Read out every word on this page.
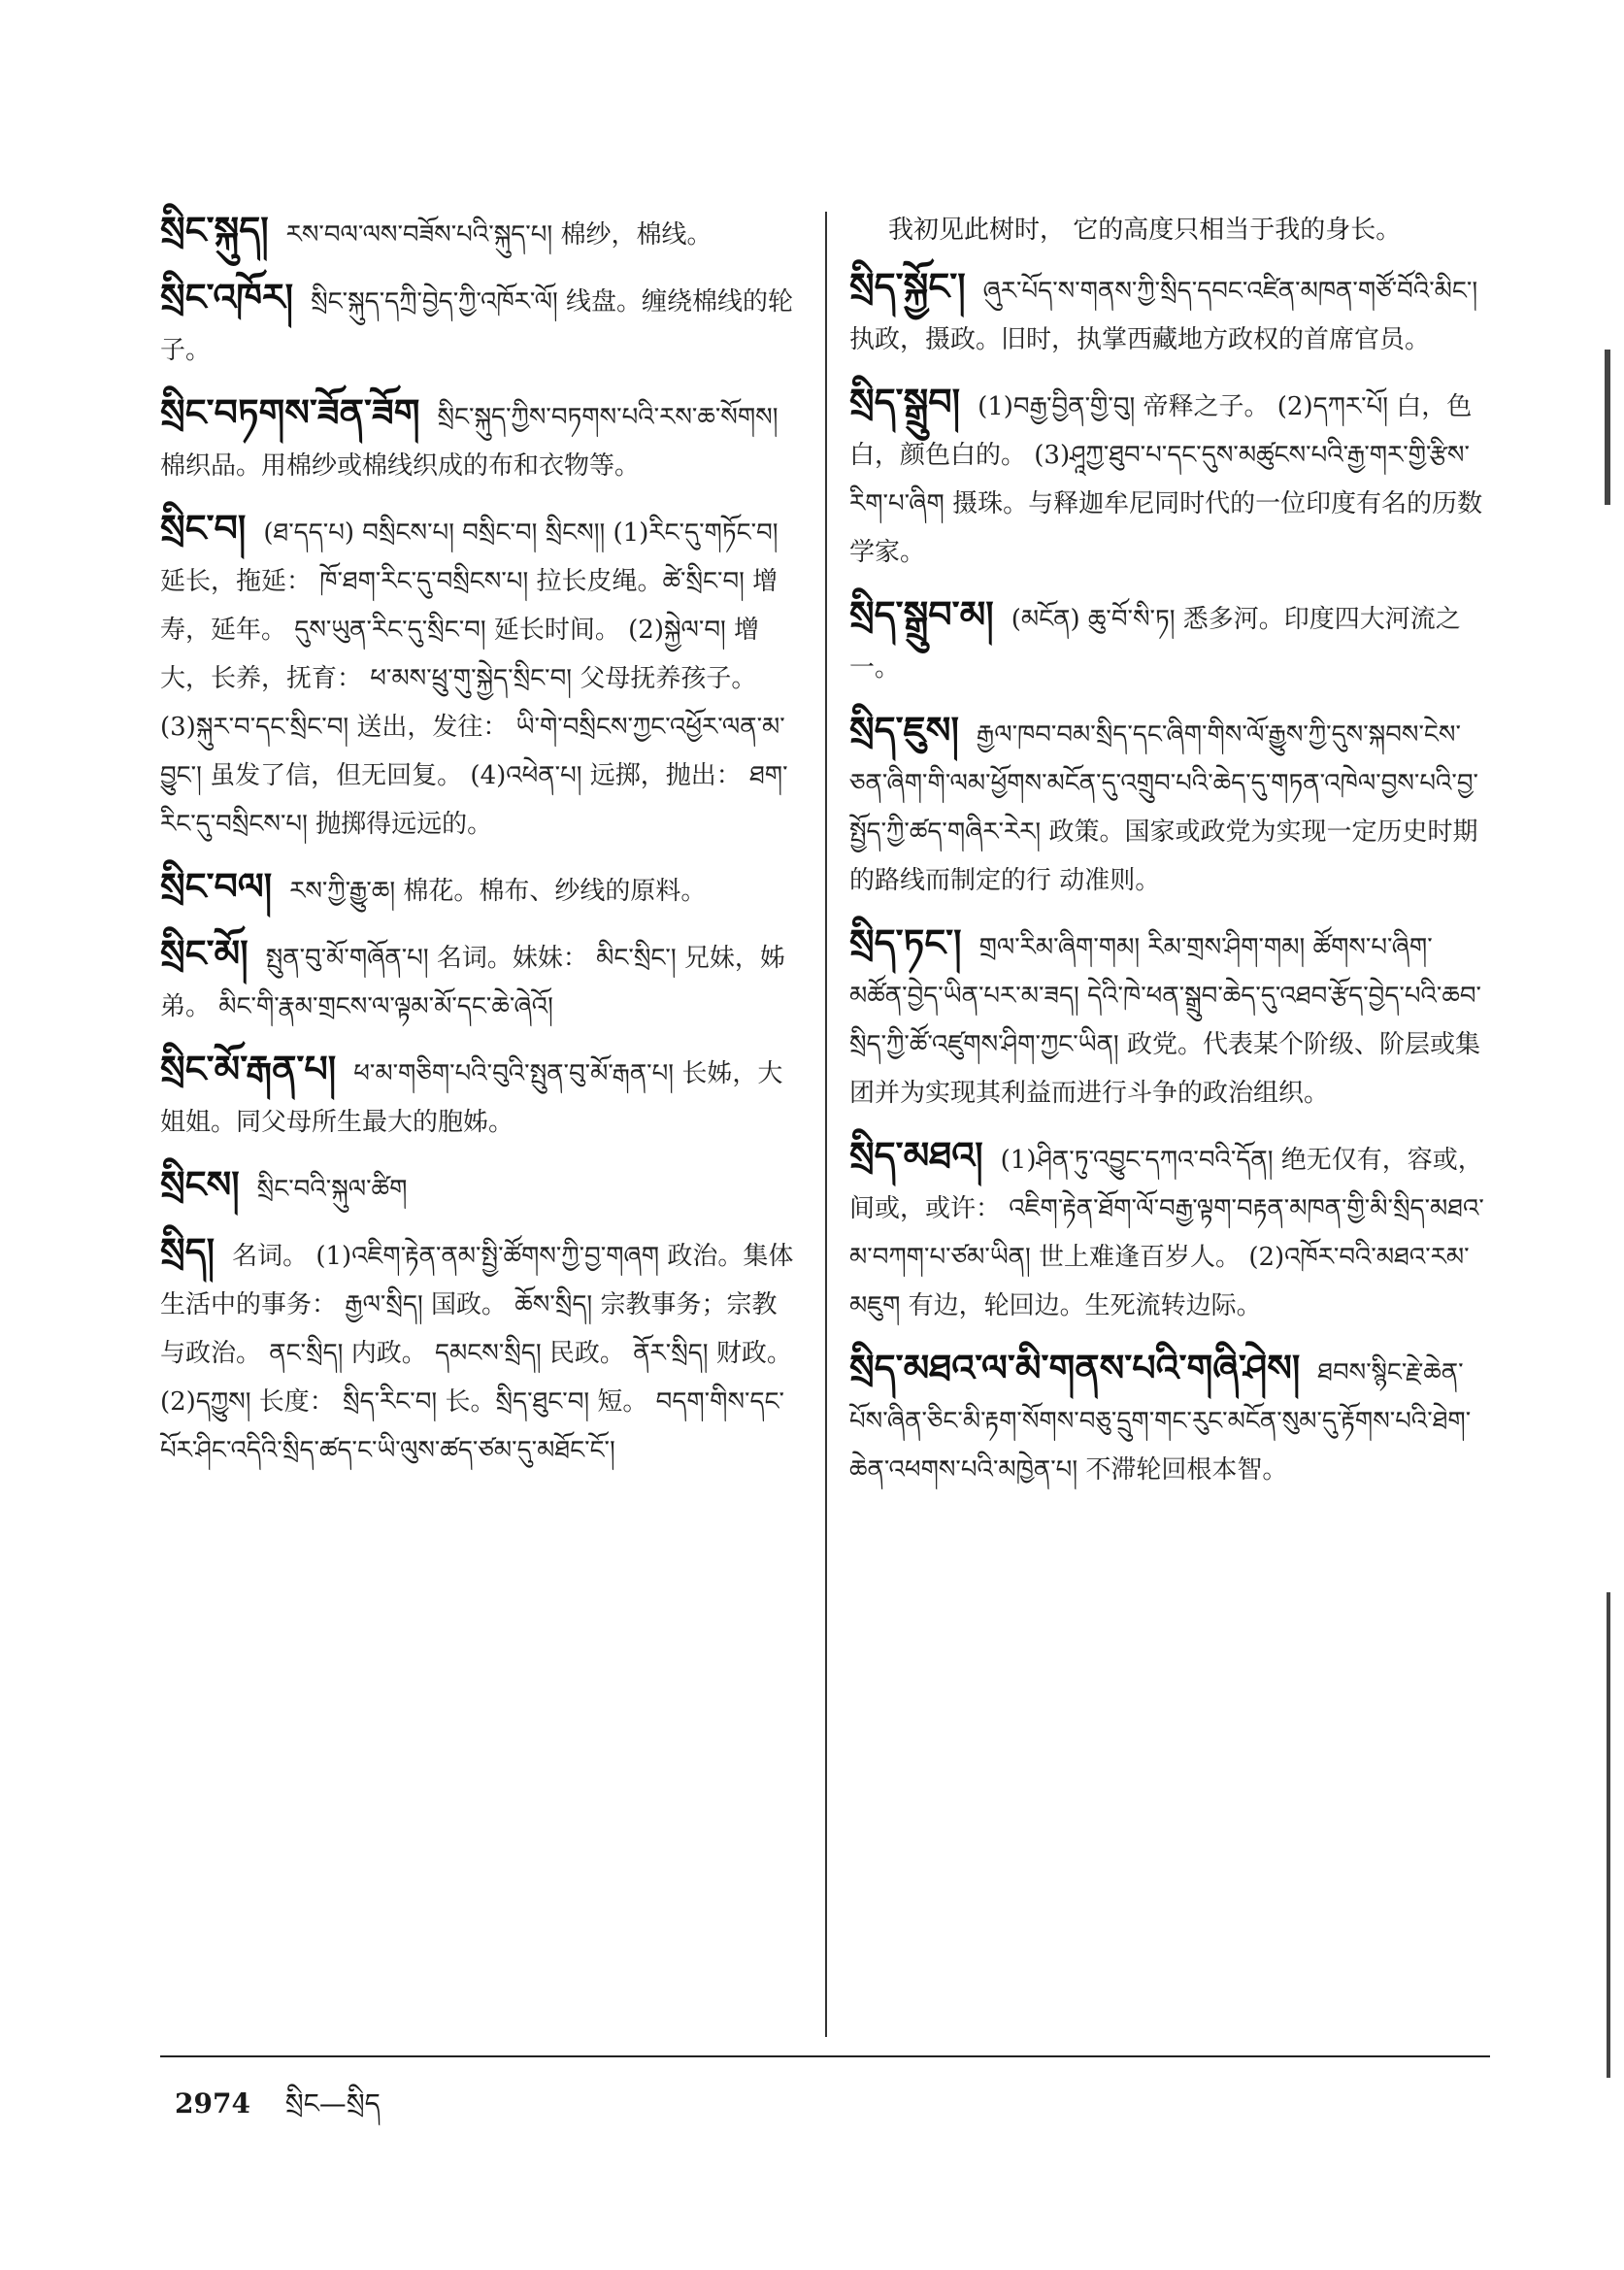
སྲིང་སྐུད། རས་བལ་ལས་བཟོས་པའི་སྐུད་པ། 棉纱，棉线。
སྲིང་འཁོར། སྲིང་སྐུད་དཀྲི་བྱེད་ཀྱི་འཁོར་ལོ། 线盘。缠绕棉线的轮子。
སྲིང་བཏགས་ཟོན་ཟོག སྲིང་སྐུད་ཀྱིས་བཏགས་པའི་རས་ཆ་སོགས། 棉织品。用棉纱或棉线织成的布和衣物等。
སྲིང་བ། (ཐ་དད་པ) བསྲིངས་པ། བསྲིང་བ། སྲིངས།། (1)རིང་དུ་གཏོང་བ། 延长，拖延： ཁོ་ཐག་རིང་དུ་བསྲིངས་པ། 拉长皮绳。ཚེ་སྲིང་བ། 增寿，延年。 དུས་ཡུན་རིང་དུ་སྲིང་བ། 延长时间。 (2)སྐྱེལ་བ། 增大，长养，抚育： ཕ་མས་ཕྲུ་གུ་སྐྱེད་སྲིང་བ། 父母抚养孩子。 (3)སྐུར་བ་དང་སྲིང་བ། 送出，发往： ཡི་གེ་བསྲིངས་ཀྱང་འཕྱོར་ལན་མ་བྱུང་། 虽发了信，但无回复。 (4)འཕེན་པ། 远掷，抛出： ཐག་རིང་དུ་བསྲིངས་པ། 抛掷得远远的。
སྲིང་བལ། རས་ཀྱི་རྒྱུ་ཆ། 棉花。棉布、纱线的原料。
སྲིང་མོ། སྤུན་བུ་མོ་གཞོན་པ། 名词。妹妹： མིང་སྲིང་། 兄妹，姊弟。 མིང་གི་རྣམ་གྲངས་ལ་ལྟམ་མོ་དང་ཆེ་ཞེའོ།
སྲིང་མོ་རྒན་པ། ཕ་མ་གཅིག་པའི་བུའི་སྤུན་བུ་མོ་རྒན་པ། 长姊，大姐姐。同父母所生最大的胞姊。
སྲིངས། སྲིང་བའི་སྐུལ་ཚིག
སྲིད། 名词。 (1)འཇིག་རྟེན་ནམ་སྤྱི་ཚོགས་ཀྱི་བྱ་གཞག 政治。集体生活中的事务： རྒྱལ་སྲིད། 国政。 ཆོས་སྲིད། 宗教事务；宗教与政治。 ནང་སྲིད། 内政。 དམངས་སྲིད། 民政。 ནོར་སྲིད། 财政。 (2)དཀྱུས། 长度： སྲིད་རིང་བ། 长。སྲིད་ཐུང་བ། 短。 བདག་གིས་དང་པོར་ཤིང་འདིའི་སྲིད་ཚད་ང་ཡི་ལུས་ཚད་ཙམ་དུ་མཐོང་ངོ་།
我初见此树时， 它的高度只相当于我的身长。
སྲིད་སྐྱོང་། ཞུར་པོད་ས་གནས་ཀྱི་སྲིད་དབང་འཛིན་མཁན་གཙོ་བོའི་མིང་། 执政，摄政。旧时，执掌西藏地方政权的首席官员。
སྲིད་སྒྲུབ། (1)བརྒྱ་བྱིན་གྱི་བུ། 帝释之子。 (2)དཀར་པོ། 白，色白，颜色白的。 (3)ཤཱཀྱ་ཐུབ་པ་དང་དུས་མཚུངས་པའི་རྒྱ་གར་གྱི་རྩིས་རིག་པ་ཞིག 摄珠。与释迦牟尼同时代的一位印度有名的历数学家。
སྲིད་སྒྲུབ་མ། (མངོན) ཆུ་བོ་སི་ཏ། 悉多河。印度四大河流之一。
སྲིད་ཇུས། རྒྱལ་ཁབ་བམ་སྲིད་དང་ཞིག་གིས་ལོ་རྒྱུས་ཀྱི་དུས་སྐབས་ངེས་ཅན་ཞིག་གི་ལམ་ཕྱོགས་མངོན་དུ་འགྲུབ་པའི་ཆེད་དུ་གཏན་འཁེལ་བྱས་པའི་བྱ་སྤྱོད་ཀྱི་ཚད་གཞིར་རེར། 政策。国家或政党为实现一定历史时期的路线而制定的行 动准则。
སྲིད་ཏང་། གྲལ་རིམ་ཞིག་གམ། རིམ་གྲས་ཤིག་གམ། ཚོགས་པ་ཞིག་མཚོན་བྱེད་ཡིན་པར་མ་ཟད། དེའི་ཁེ་ཕན་སྒྲུབ་ཆེད་དུ་འཐབ་རྩོད་བྱེད་པའི་ཆབ་སྲིད་ཀྱི་ཚོ་འཛུགས་ཤིག་ཀྱང་ཡིན། 政党。代表某个阶级、阶层或集团并为实现其利益而进行斗争的政治组织。
སྲིད་མཐའ། (1)ཤིན་ཏུ་འབྱུང་དཀའ་བའི་དོན། 绝无仅有，容或，间或，或许： འཇིག་རྟེན་ཐོག་ལོ་བརྒྱ་ལྟག་བརྟན་མཁན་གྱི་མི་སྲིད་མཐའ་མ་བཀག་པ་ཙམ་ཡིན། 世上难逢百岁人。 (2)འཁོར་བའི་མཐའ་རམ་མཇུག 有边，轮回边。生死流转边际。
སྲིད་མཐའ་ལ་མི་གནས་པའི་གཞི་ཤེས། ཐབས་སྙིང་རྗེ་ཆེན་པོས་ཞིན་ཅིང་མི་རྟག་སོགས་བཅུ་དྲུག་གང་རུང་མངོན་སུམ་དུ་རྟོགས་པའི་ཐེག་ཆེན་འཕགས་པའི་མཁྱེན་པ། 不滞轮回根本智。
2974 སྲིང—སྲིད
